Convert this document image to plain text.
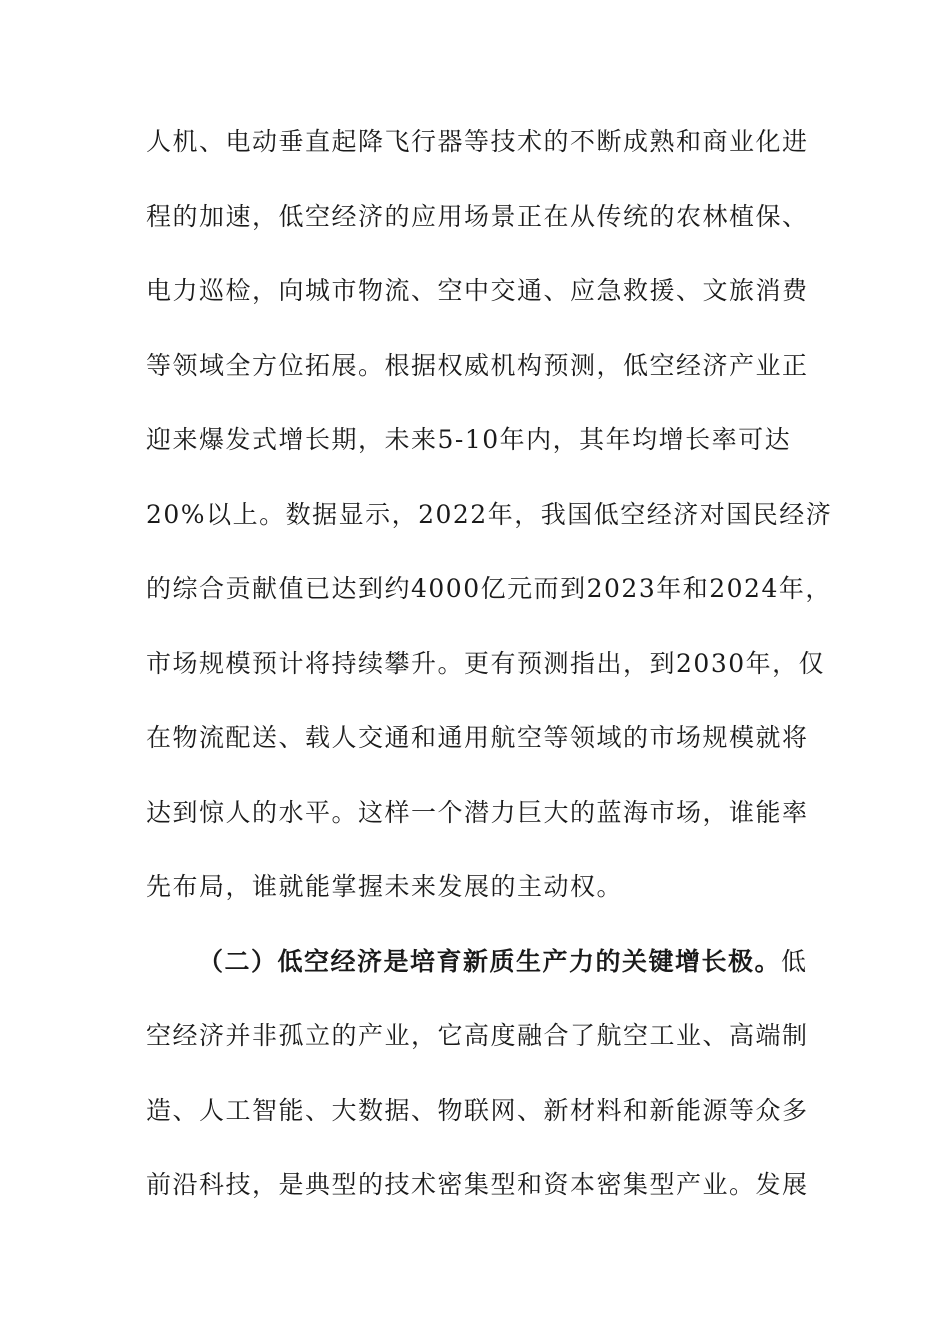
人机、电动垂直起降飞行器等技术的不断成熟和商业化进
程的加速，低空经济的应用场景正在从传统的农林植保、
电力巡检，向城市物流、空中交通、应急救援、文旅消费
等领域全方位拓展。根据权威机构预测，低空经济产业正
迎来爆发式增长期，未来5-10年内，其年均增长率可达
20%以上。数据显示，2022年，我国低空经济对国民经济
的综合贡献值已达到约4000亿元而到2023年和2024年，
市场规模预计将持续攀升。更有预测指出，到2030年，仅
在物流配送、载人交通和通用航空等领域的市场规模就将
达到惊人的水平。这样一个潜力巨大的蓝海市场，谁能率
先布局，谁就能掌握未来发展的主动权。
（二）低空经济是培育新质生产力的关键增长极。低
空经济并非孤立的产业，它高度融合了航空工业、高端制
造、人工智能、大数据、物联网、新材料和新能源等众多
前沿科技，是典型的技术密集型和资本密集型产业。发展
